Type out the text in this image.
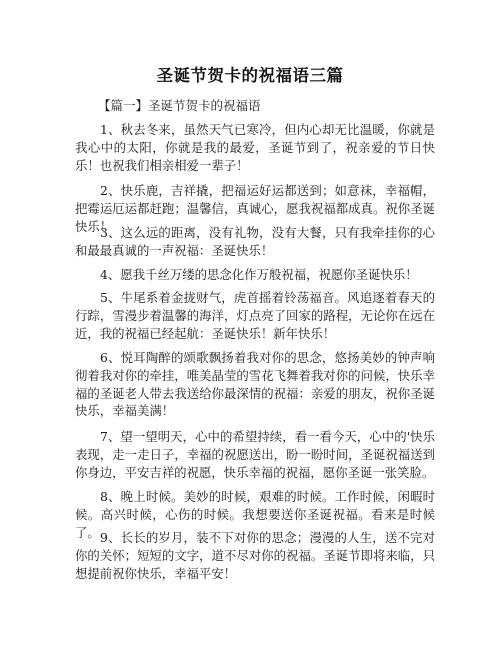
圣诞节贺卡的祝福语三篇
【篇一】圣诞节贺卡的祝福语

1、秋去冬来，虽然天气已寒冷，但内心却无比温暖，你就是我心中的太阳，你就是我的最爱，圣诞节到了，祝亲爱的节日快乐！也祝我们相亲相爱一辈子！

2、快乐鹿，吉祥撬，把福运好运都送到；如意袜，幸福帽，把霉运厄运都赶跑；温馨信，真诚心，愿我祝福都成真。祝你圣诞快乐！

3、这么远的距离，没有礼物，没有大餐，只有我牵挂你的心和最最真诚的一声祝福：圣诞快乐！

4、愿我千丝万缕的思念化作万般祝福，祝愿你圣诞快乐！

5、牛尾系着金拢财气，虎首摇着铃荡福音。风追逐着春天的行踪，雪漫步着温馨的海洋，灯点亮了回家的路程，无论你在远在近，我的祝福已经起航：圣诞快乐！新年快乐！

6、悦耳陶醉的颂歌飘扬着我对你的思念，悠扬美妙的钟声响彻着我对你的牵挂，唯美晶莹的雪花飞舞着我对你的问候，快乐幸福的圣诞老人带去我送给你最深情的祝福：亲爱的朋友，祝你圣诞快乐，幸福美满！

7、望一望明天，心中的希望持续，看一看今天，心中的'快乐表现，走一走日子，幸福的祝愿送出，盼一盼时间，圣诞祝福送到你身边，平安吉祥的祝愿，快乐幸福的祝福，愿你圣诞一张笑脸。

8、晚上时候。美妙的时候，艰难的时候。工作时候，闲暇时候。高兴时候，心伤的时候。我想要送你圣诞祝福。看来是时候了。 9、长长的岁月，装不下对你的思念；漫漫的人生，送不完对你的关怀；短短的文字，道不尽对你的祝福。圣诞节即将来临，只想提前祝你快乐，幸福平安！
